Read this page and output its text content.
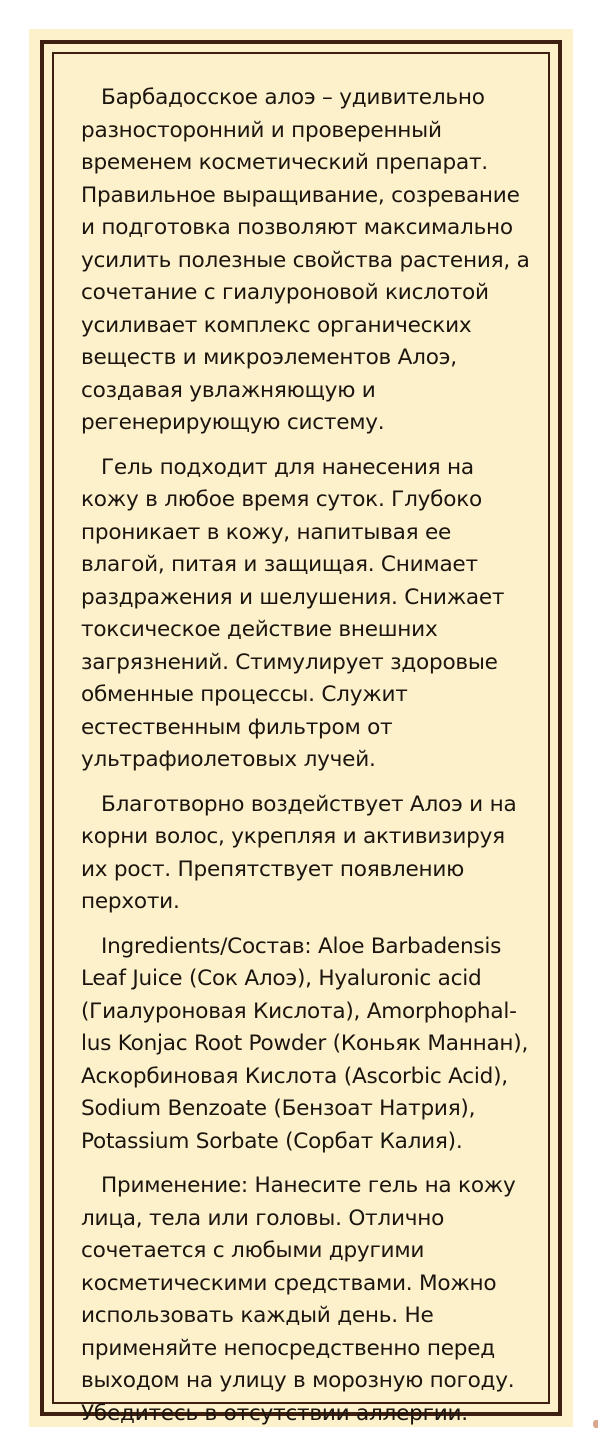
Барбадосское алоэ – удивительно разносторонний и проверенный временем косметический препарат. Правильное выращивание, созревание и подготовка позволяют максимально усилить полезные свойства растения, а сочетание с гиалуроновой кислотой усиливает комплекс органических веществ и микроэлементов Алоэ, создавая увлажняющую и регенерирующую систему.

Гель подходит для нанесения на кожу в любое время суток. Глубоко проникает в кожу, напитывая ее влагой, питая и защищая. Снимает раздражения и шелушения. Снижает токсическое действие внешних загрязнений. Стимулирует здоровые обменные процессы. Служит естественным фильтром от ультрафиолетовых лучей.

Благотворно воздействует Алоэ и на корни волос, укрепляя и активизируя их рост. Препятствует появлению перхоти.

Ingredients/Состав: Aloe Barbadensis Leaf Juice (Сок Алоэ), Hyaluronic acid (Гиалуроновая Кислота), Amorphophal-lus Konjac Root Powder (Коньяк Маннан), Аскорбиновая Кислота (Ascorbic Acid), Sodium Benzoate (Бензоат Натрия), Potassium Sorbate (Сорбат Калия).

Применение: Нанесите гель на кожу лица, тела или головы. Отлично сочетается с любыми другими косметическими средствами. Можно использовать каждый день. Не применяйте непосредственно перед выходом на улицу в морозную погоду. Убедитесь в отсутствии аллергии.
